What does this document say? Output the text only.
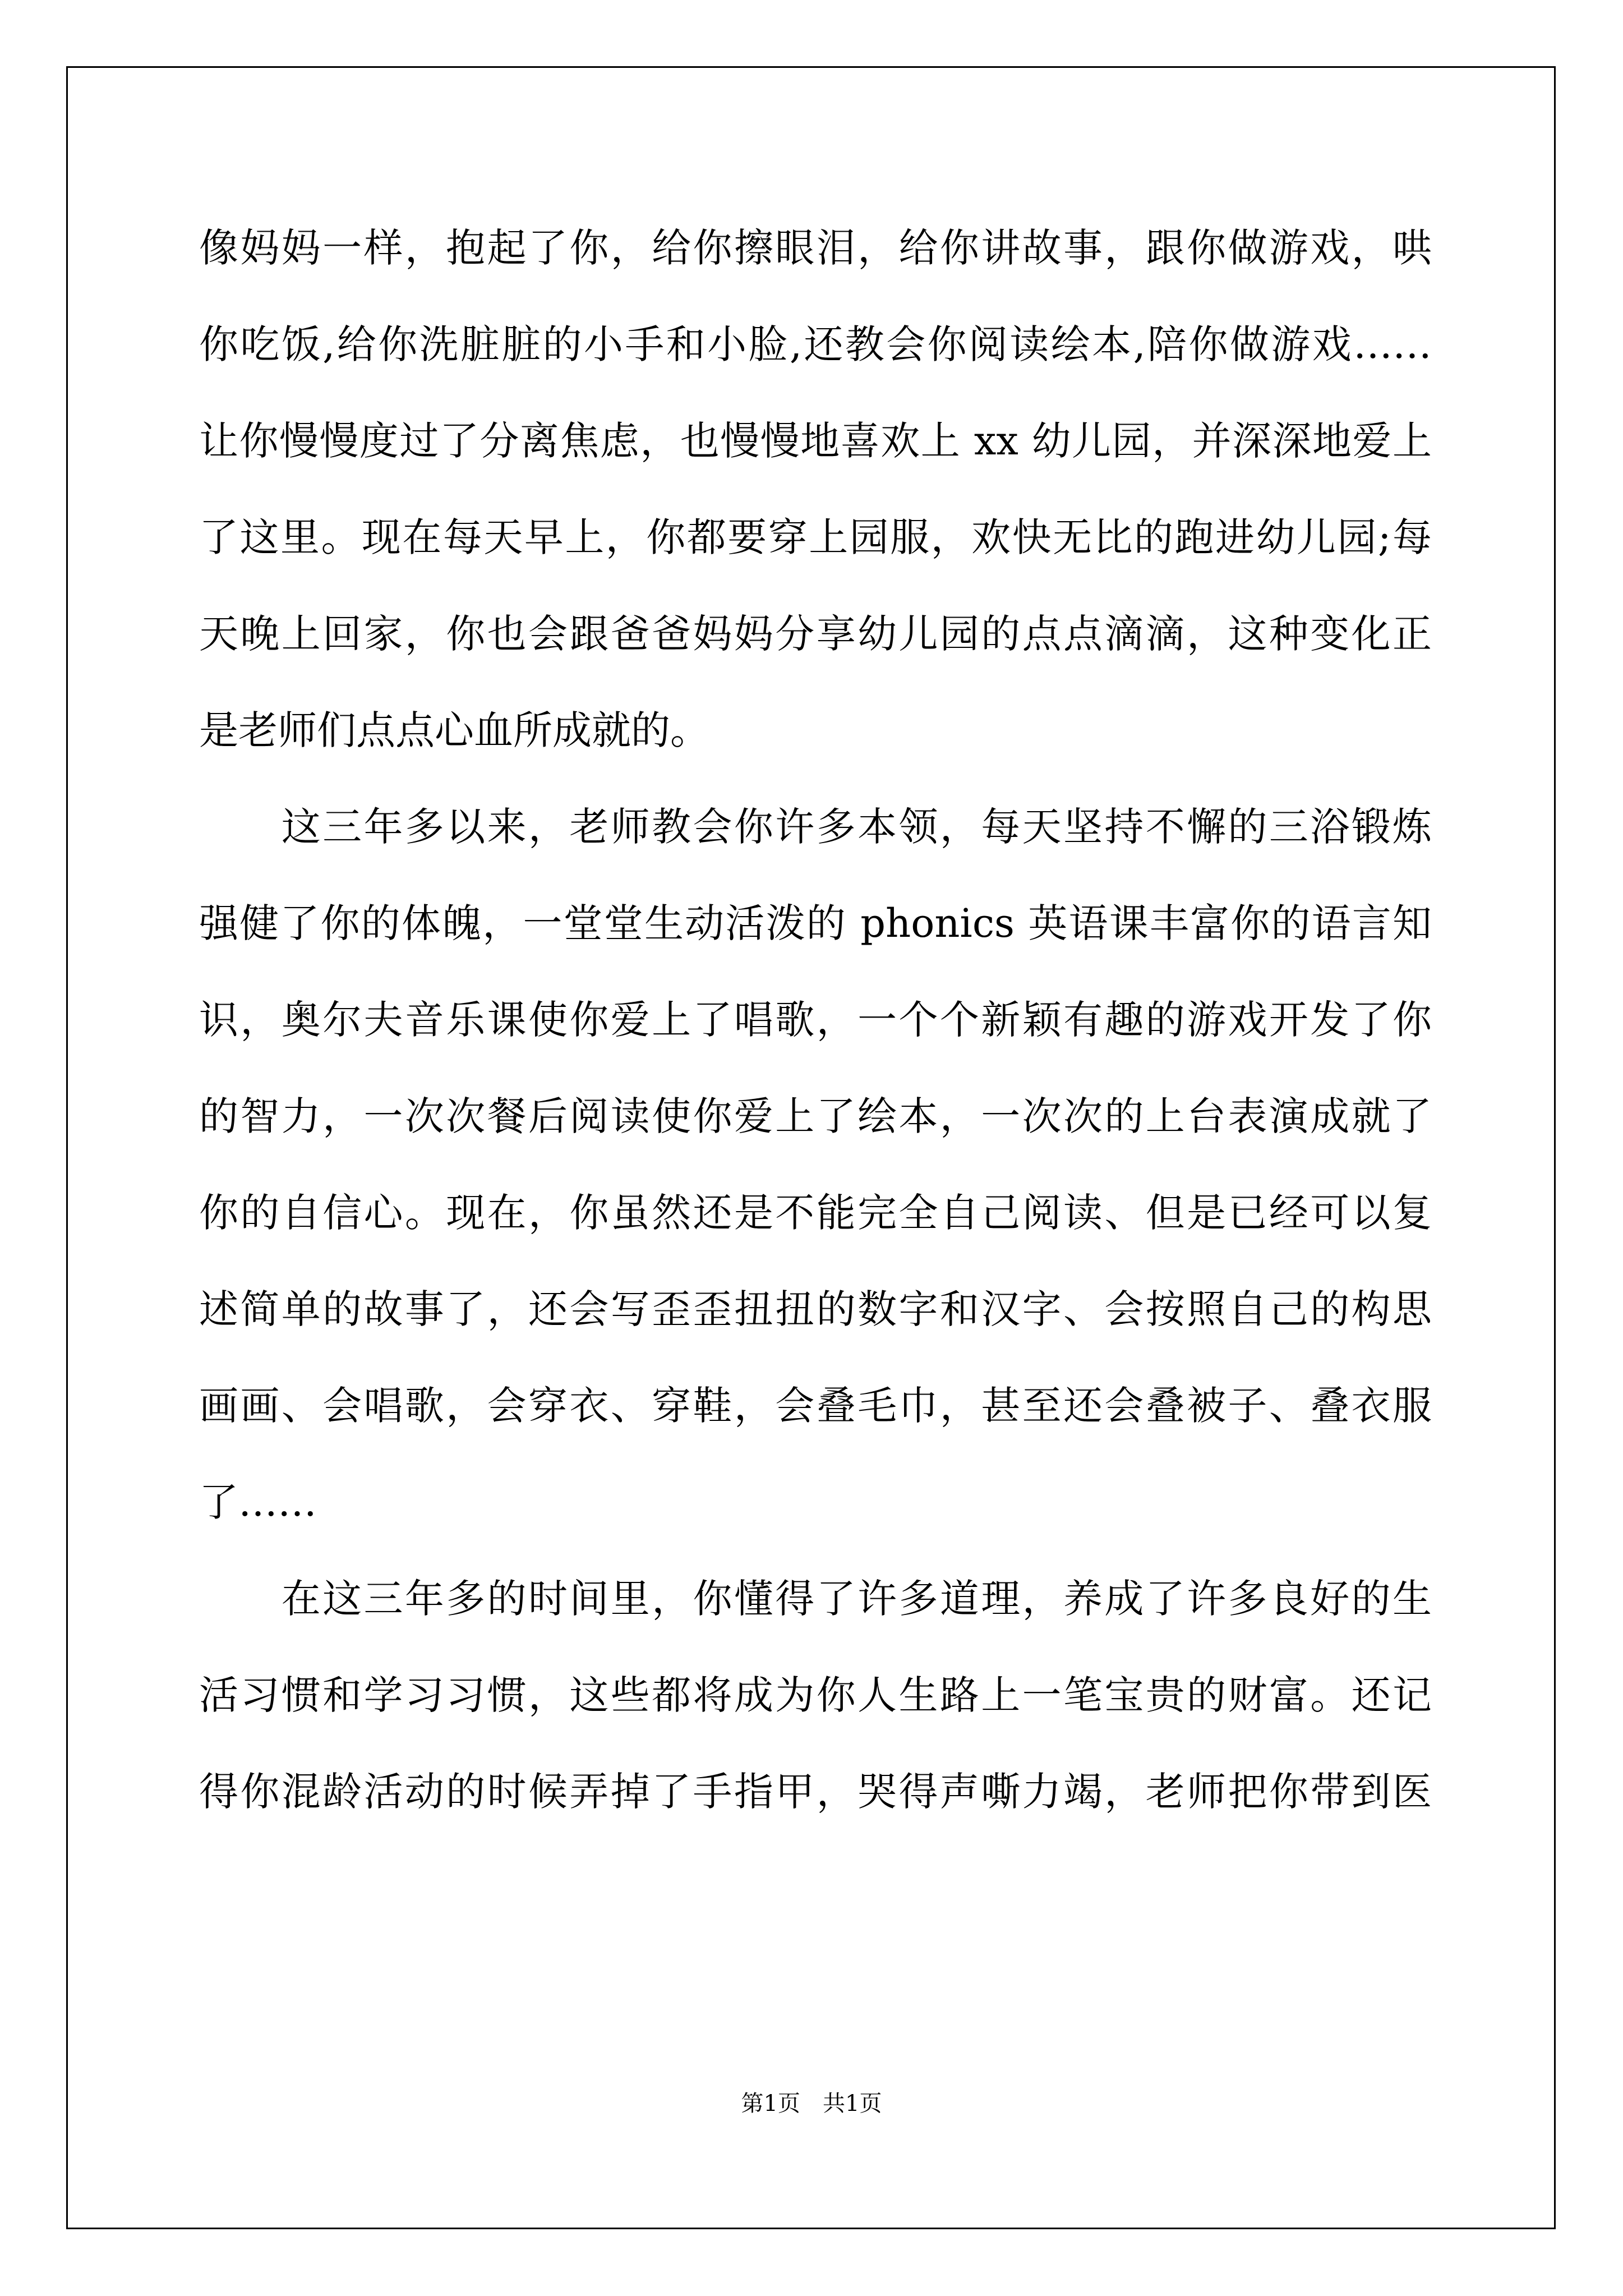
像妈妈一样，抱起了你，给你擦眼泪，给你讲故事，跟你做游戏，哄
你吃饭,给你洗脏脏的小手和小脸,还教会你阅读绘本,陪你做游戏……
让你慢慢度过了分离焦虑，也慢慢地喜欢上 xx 幼儿园，并深深地爱上
了这里。现在每天早上，你都要穿上园服，欢快无比的跑进幼儿园;每
天晚上回家，你也会跟爸爸妈妈分享幼儿园的点点滴滴，这种变化正
是老师们点点心血所成就的。
　　这三年多以来，老师教会你许多本领，每天坚持不懈的三浴锻炼
强健了你的体魄，一堂堂生动活泼的 phonics 英语课丰富你的语言知
识，奥尔夫音乐课使你爱上了唱歌，一个个新颖有趣的游戏开发了你
的智力，一次次餐后阅读使你爱上了绘本，一次次的上台表演成就了
你的自信心。现在，你虽然还是不能完全自己阅读、但是已经可以复
述简单的故事了，还会写歪歪扭扭的数字和汉字、会按照自己的构思
画画、会唱歌，会穿衣、穿鞋，会叠毛巾，甚至还会叠被子、叠衣服
了……
　　在这三年多的时间里，你懂得了许多道理，养成了许多良好的生
活习惯和学习习惯，这些都将成为你人生路上一笔宝贵的财富。还记
得你混龄活动的时候弄掉了手指甲，哭得声嘶力竭，老师把你带到医
第1页　共1页
